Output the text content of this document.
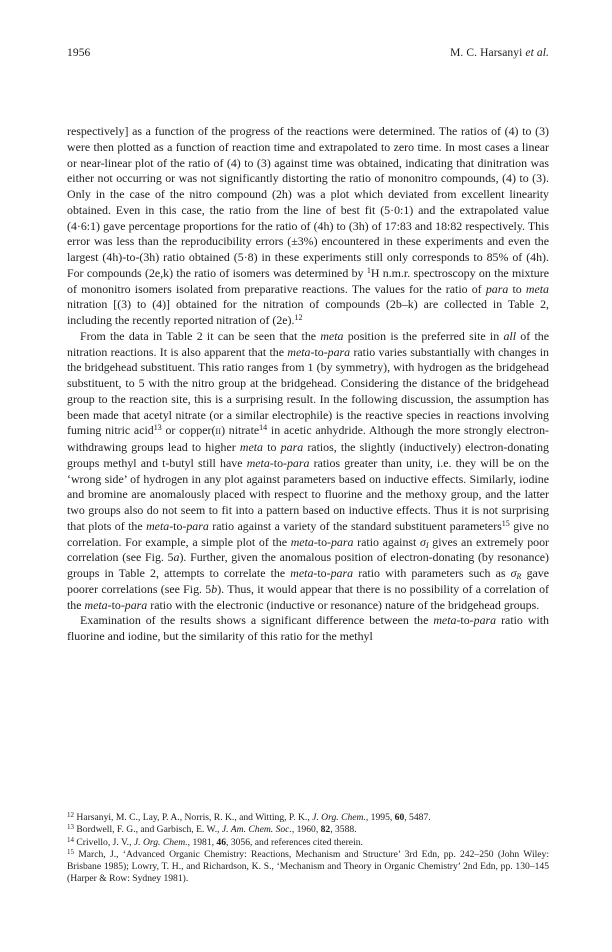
1956	M. C. Harsanyi et al.

respectively] as a function of the progress of the reactions were determined. The ratios of (4) to (3) were then plotted as a function of reaction time and extrapolated to zero time. In most cases a linear or near-linear plot of the ratio of (4) to (3) against time was obtained, indicating that dinitration was either not occurring or was not significantly distorting the ratio of mononitro compounds, (4) to (3). Only in the case of the nitro compound (2h) was a plot which deviated from excellent linearity obtained. Even in this case, the ratio from the line of best fit (5·0:1) and the extrapolated value (4·6:1) gave percentage proportions for the ratio of (4h) to (3h) of 17:83 and 18:82 respectively. This error was less than the reproducibility errors (±3%) encountered in these experiments and even the largest (4h)-to-(3h) ratio obtained (5·8) in these experiments still only corresponds to 85% of (4h). For compounds (2e,k) the ratio of isomers was determined by $^1$H n.m.r. spectroscopy on the mixture of mononitro isomers isolated from preparative reactions. The values for the ratio of para to meta nitration [(3) to (4)] obtained for the nitration of compounds (2b–k) are collected in Table 2, including the recently reported nitration of (2e).$^{12}$

From the data in Table 2 it can be seen that the meta position is the preferred site in all of the nitration reactions. It is also apparent that the meta-to-para ratio varies substantially with changes in the bridgehead substituent. This ratio ranges from 1 (by symmetry), with hydrogen as the bridgehead substituent, to 5 with the nitro group at the bridgehead. Considering the distance of the bridgehead group to the reaction site, this is a surprising result. In the following discussion, the assumption has been made that acetyl nitrate (or a similar electrophile) is the reactive species in reactions involving fuming nitric acid$^{13}$ or copper(II) nitrate$^{14}$ in acetic anhydride. Although the more strongly electron-withdrawing groups lead to higher meta to para ratios, the slightly (inductively) electron-donating groups methyl and t-butyl still have meta-to-para ratios greater than unity, i.e. they will be on the ‘wrong side’ of hydrogen in any plot against parameters based on inductive effects. Similarly, iodine and bromine are anomalously placed with respect to fluorine and the methoxy group, and the latter two groups also do not seem to fit into a pattern based on inductive effects. Thus it is not surprising that plots of the meta-to-para ratio against a variety of the standard substituent parameters$^{15}$ give no correlation. For example, a simple plot of the meta-to-para ratio against $\sigma_I$ gives an extremely poor correlation (see Fig. 5a). Further, given the anomalous position of electron-donating (by resonance) groups in Table 2, attempts to correlate the meta-to-para ratio with parameters such as $\sigma_R$ gave poorer correlations (see Fig. 5b). Thus, it would appear that there is no possibility of a correlation of the meta-to-para ratio with the electronic (inductive or resonance) nature of the bridgehead groups.

Examination of the results shows a significant difference between the meta-to-para ratio with fluorine and iodine, but the similarity of this ratio for the methyl

$^{12}$ Harsanyi, M. C., Lay, P. A., Norris, R. K., and Witting, P. K., J. Org. Chem., 1995, 60, 5487.

$^{13}$ Bordwell, F. G., and Garbisch, E. W., J. Am. Chem. Soc., 1960, 82, 3588.

$^{14}$ Crivello, J. V., J. Org. Chem., 1981, 46, 3056, and references cited therein.

$^{15}$ March, J., ‘Advanced Organic Chemistry: Reactions, Mechanism and Structure’ 3rd Edn, pp. 242–250 (John Wiley: Brisbane 1985); Lowry, T. H., and Richardson, K. S., ‘Mechanism and Theory in Organic Chemistry’ 2nd Edn, pp. 130–145 (Harper & Row: Sydney 1981).
